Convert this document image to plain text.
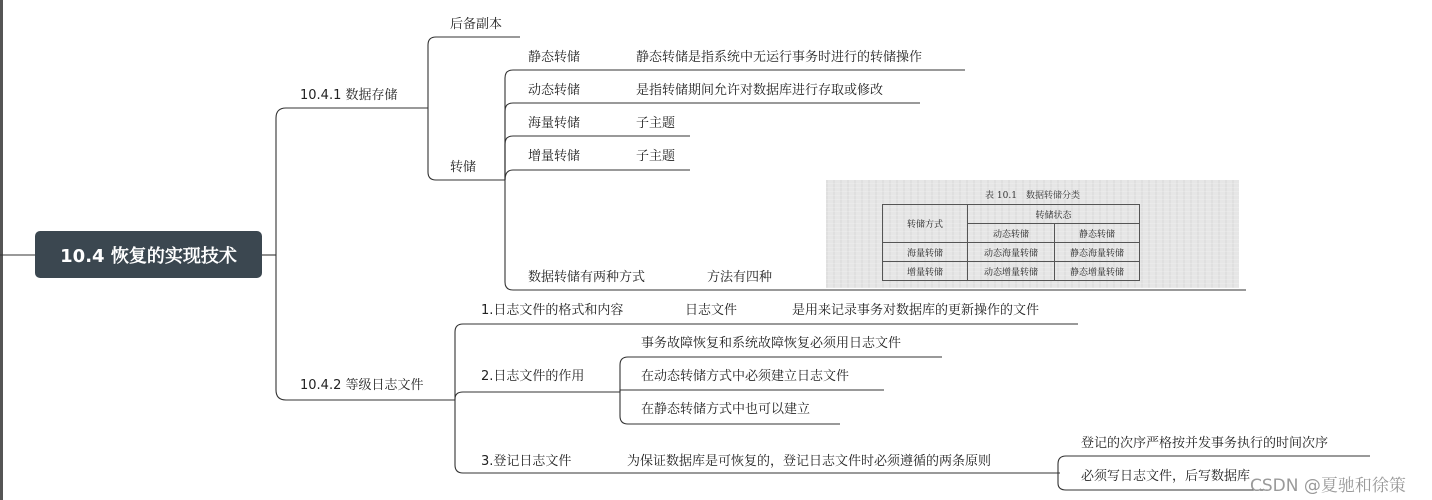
10.4 恢复的实现技术
10.4.1 数据存储
后备副本
转储
静态转储	静态转储是指系统中无运行事务时进行的转储操作
动态转储	是指转储期间允许对数据库进行存取或修改
海量转储	子主题
增量转储	子主题
数据转储有两种方式	方法有四种
表 10.1　数据转储分类
转储方式	转储状态	
	动态转储	静态转储
海量转储	动态海量转储	静态海量转储
增量转储	动态增量转储	静态增量转储
10.4.2 等级日志文件
1.日志文件的格式和内容	日志文件	是用来记录事务对数据库的更新操作的文件
2.日志文件的作用
事务故障恢复和系统故障恢复必须用日志文件
在动态转储方式中必须建立日志文件
在静态转储方式中也可以建立
3.登记日志文件	为保证数据库是可恢复的，登记日志文件时必须遵循的两条原则
登记的次序严格按并发事务执行的时间次序
必须写日志文件，后写数据库 CSDN @夏驰和徐策
